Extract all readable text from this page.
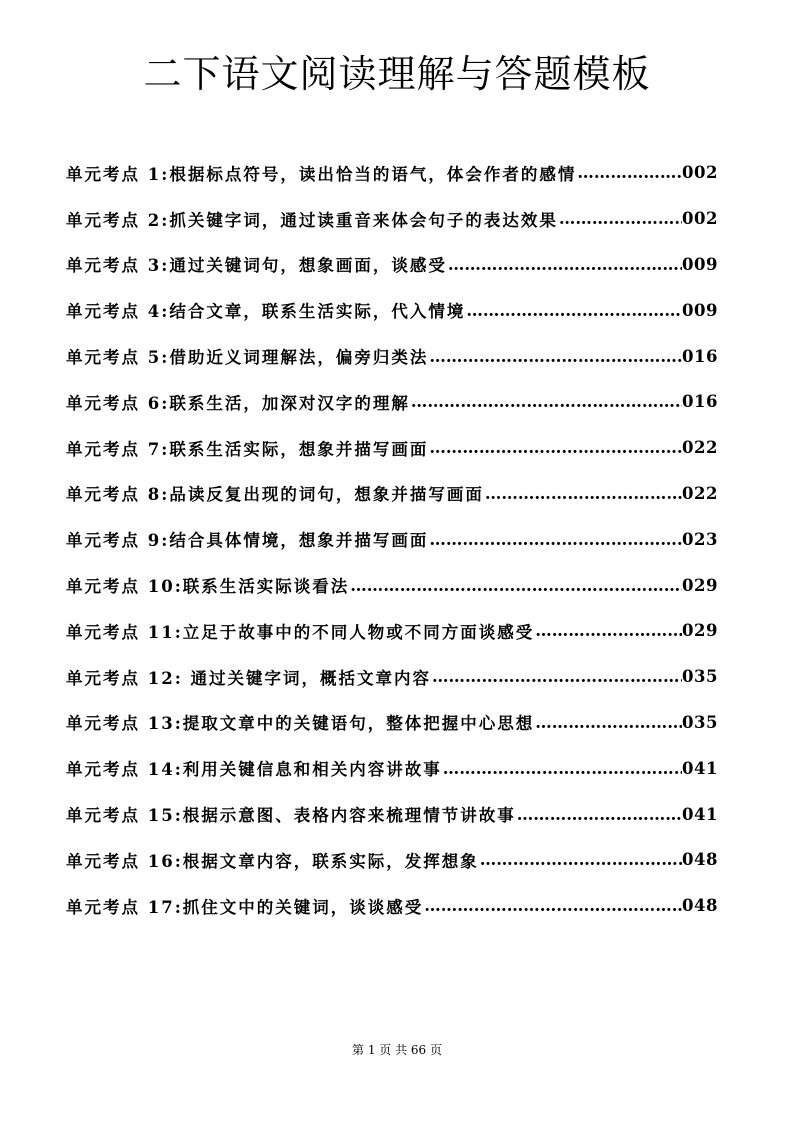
二下语文阅读理解与答题模板
单元考点 1:根据标点符号，读出恰当的语气，体会作者的感情 ………………………………………………………………………………………………………………	002
单元考点 2:抓关键字词，通过读重音来体会句子的表达效果 ………………………………………………………………………………………………………………	002
单元考点 3:通过关键词句，想象画面，谈感受 ………………………………………………………………………………………………………………	009
单元考点 4:结合文章，联系生活实际，代入情境 ………………………………………………………………………………………………………………	009
单元考点 5:借助近义词理解法，偏旁归类法 ………………………………………………………………………………………………………………	016
单元考点 6:联系生活，加深对汉字的理解 ………………………………………………………………………………………………………………	016
单元考点 7:联系生活实际，想象并描写画面 ………………………………………………………………………………………………………………	022
单元考点 8:品读反复出现的词句，想象并描写画面 ………………………………………………………………………………………………………………	022
单元考点 9:结合具体情境，想象并描写画面 ………………………………………………………………………………………………………………	023
单元考点 10:联系生活实际谈看法 ………………………………………………………………………………………………………………	029
单元考点 11:立足于故事中的不同人物或不同方面谈感受 ………………………………………………………………………………………………………………	029
单元考点 12: 通过关键字词，概括文章内容 ………………………………………………………………………………………………………………	035
单元考点 13:提取文章中的关键语句，整体把握中心思想 ………………………………………………………………………………………………………………	035
单元考点 14:利用关键信息和相关内容讲故事 ………………………………………………………………………………………………………………	041
单元考点 15:根据示意图、表格内容来梳理情节讲故事 ………………………………………………………………………………………………………………	041
单元考点 16:根据文章内容，联系实际，发挥想象 ………………………………………………………………………………………………………………	048
单元考点 17:抓住文中的关键词，谈谈感受 ………………………………………………………………………………………………………………	048
第 1 页 共 66 页
